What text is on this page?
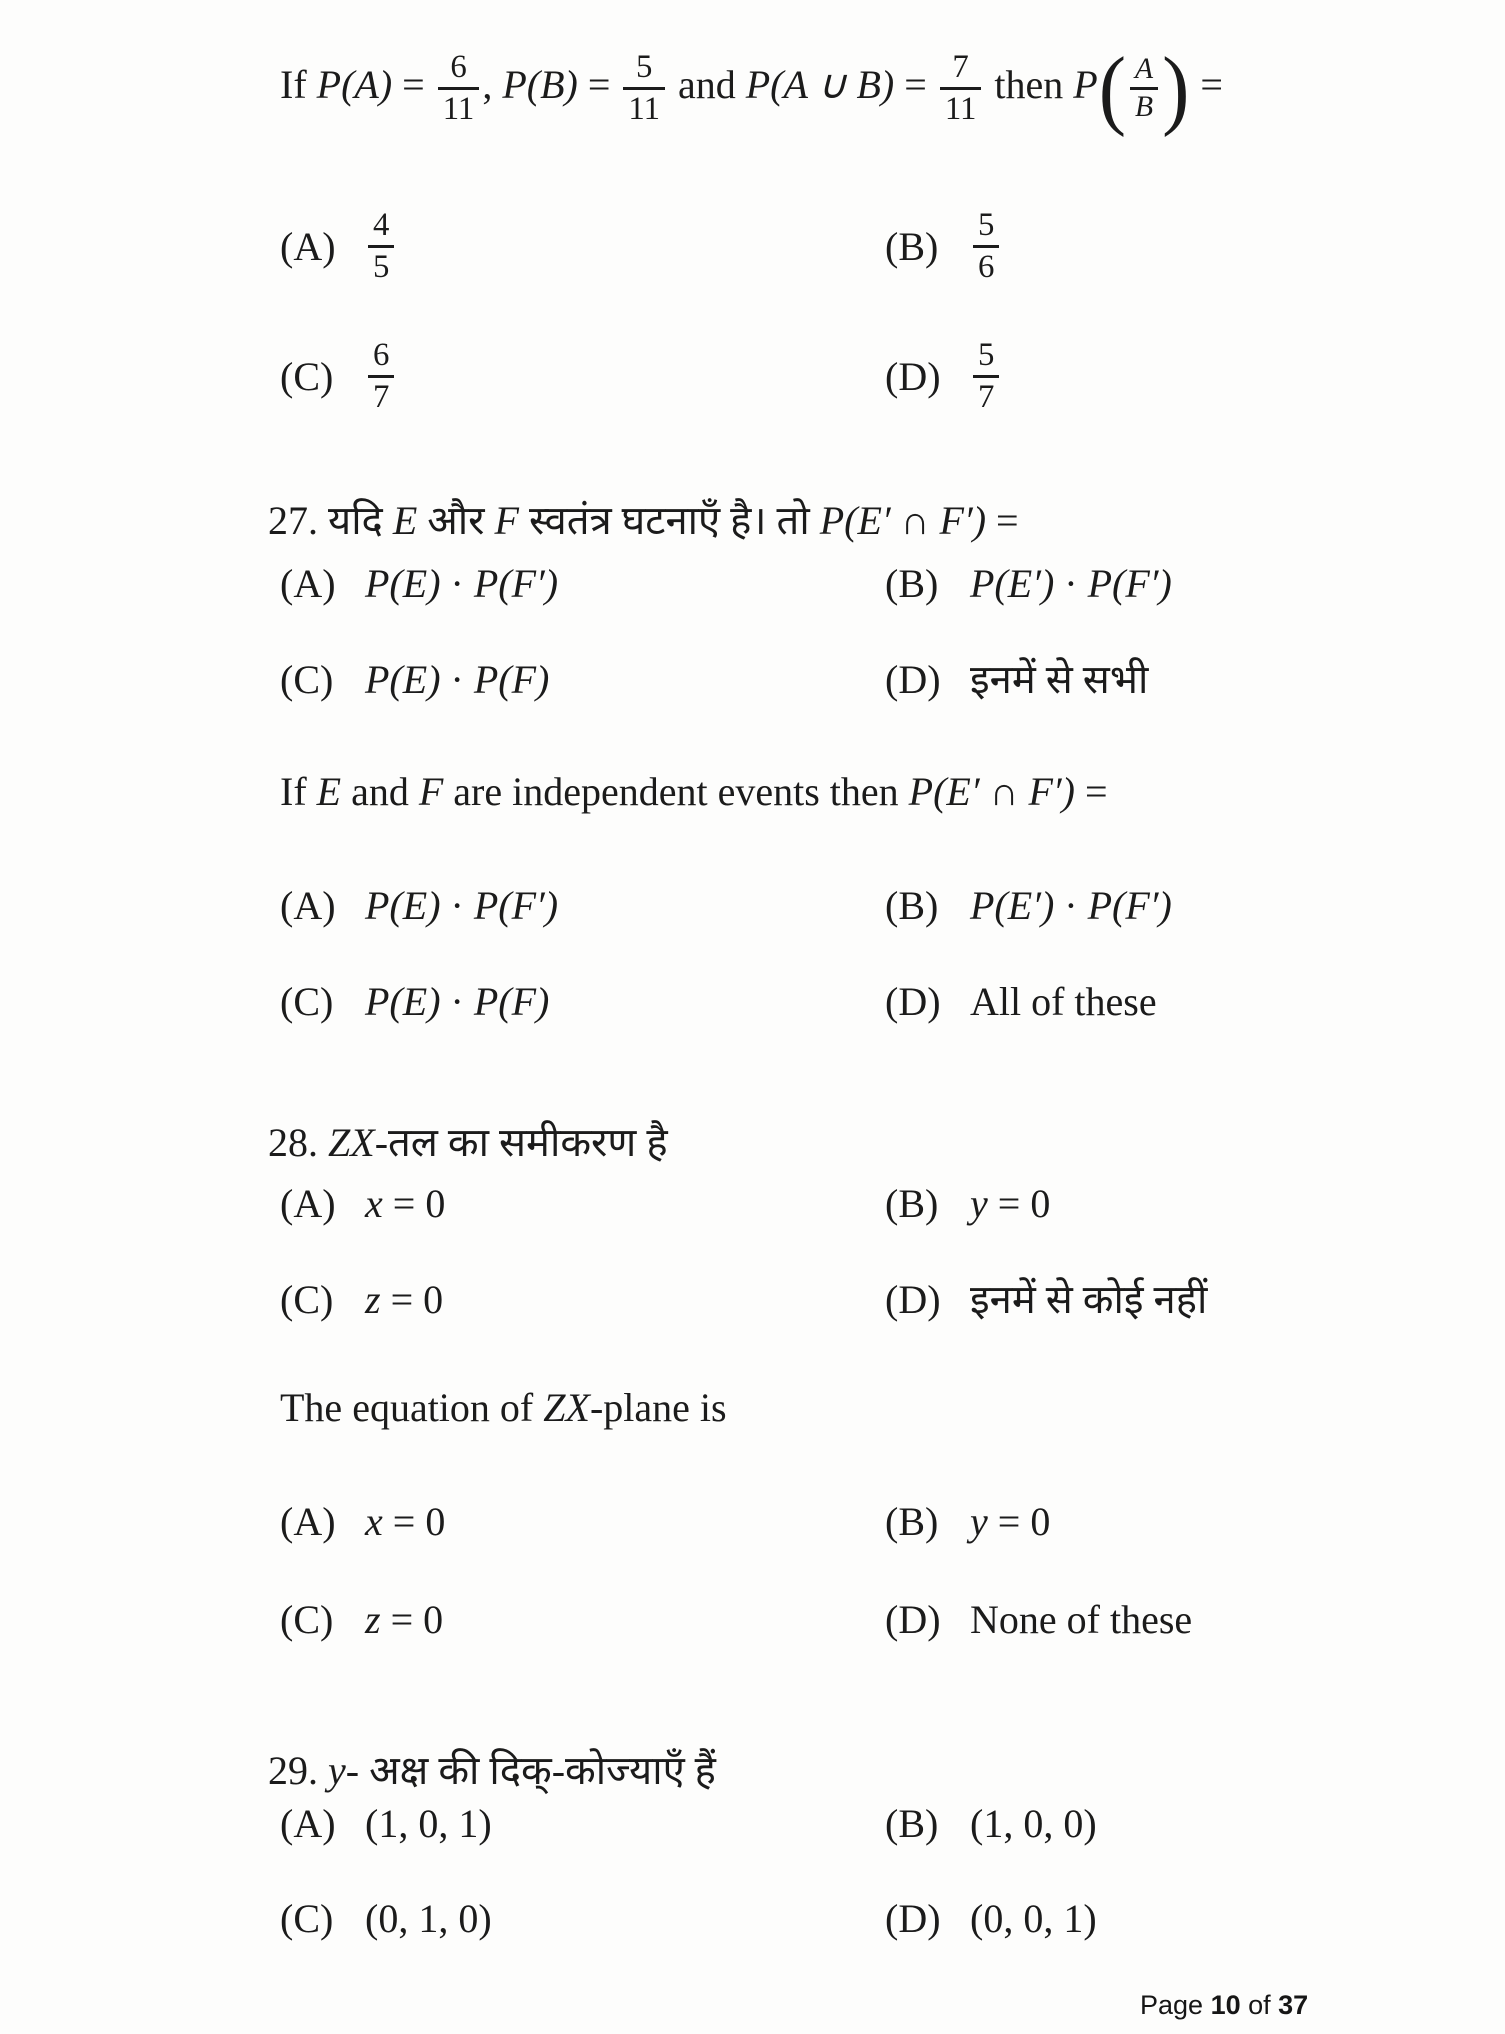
If $P(A) = \frac{6}{11}$ , $P(B) = \frac{5}{11}$ and P(A ∪ $B) = \frac{7}{11}$ then $P( \frac{A}{B}$ ) =
$(A) \frac{4}{5}$	(B)	$\frac{5}{6}$
(C)	$\frac{6}{7}$	$(D) \frac{5}{7}$

27. यदि E और F स्वतंत्र घटनाएँ है। तो P(E′ ∩ F′) =

(A) P(E) · P(F′)	(B) P(E′) · P(F′)
(C) P(E) · P(F)	(D) इनमें से सभी
If E and F are independent events then P(E′ ∩ F′) =
(A) P(E) · P(F′)	(B) P(E′) · P(F′)
(C) P(E) · P(F)	(D) All of these

28. ZX-तल का समीकरण है

(A) x = 0	(B) y = 0
(C) z = 0	(D) इनमें से कोई नहीं
The equation of ZX-plane is
(A) x = 0	(B) y = 0
(C) z = 0	(D) None of these

29. y- अक्ष की दिक्-कोज्याएँ हैं

(A) (1, 0, 1)	(B) (1, 0, 0)
(C) (0, 1, 0)	(D) (0, 0, 1)
Page 10 of 37
